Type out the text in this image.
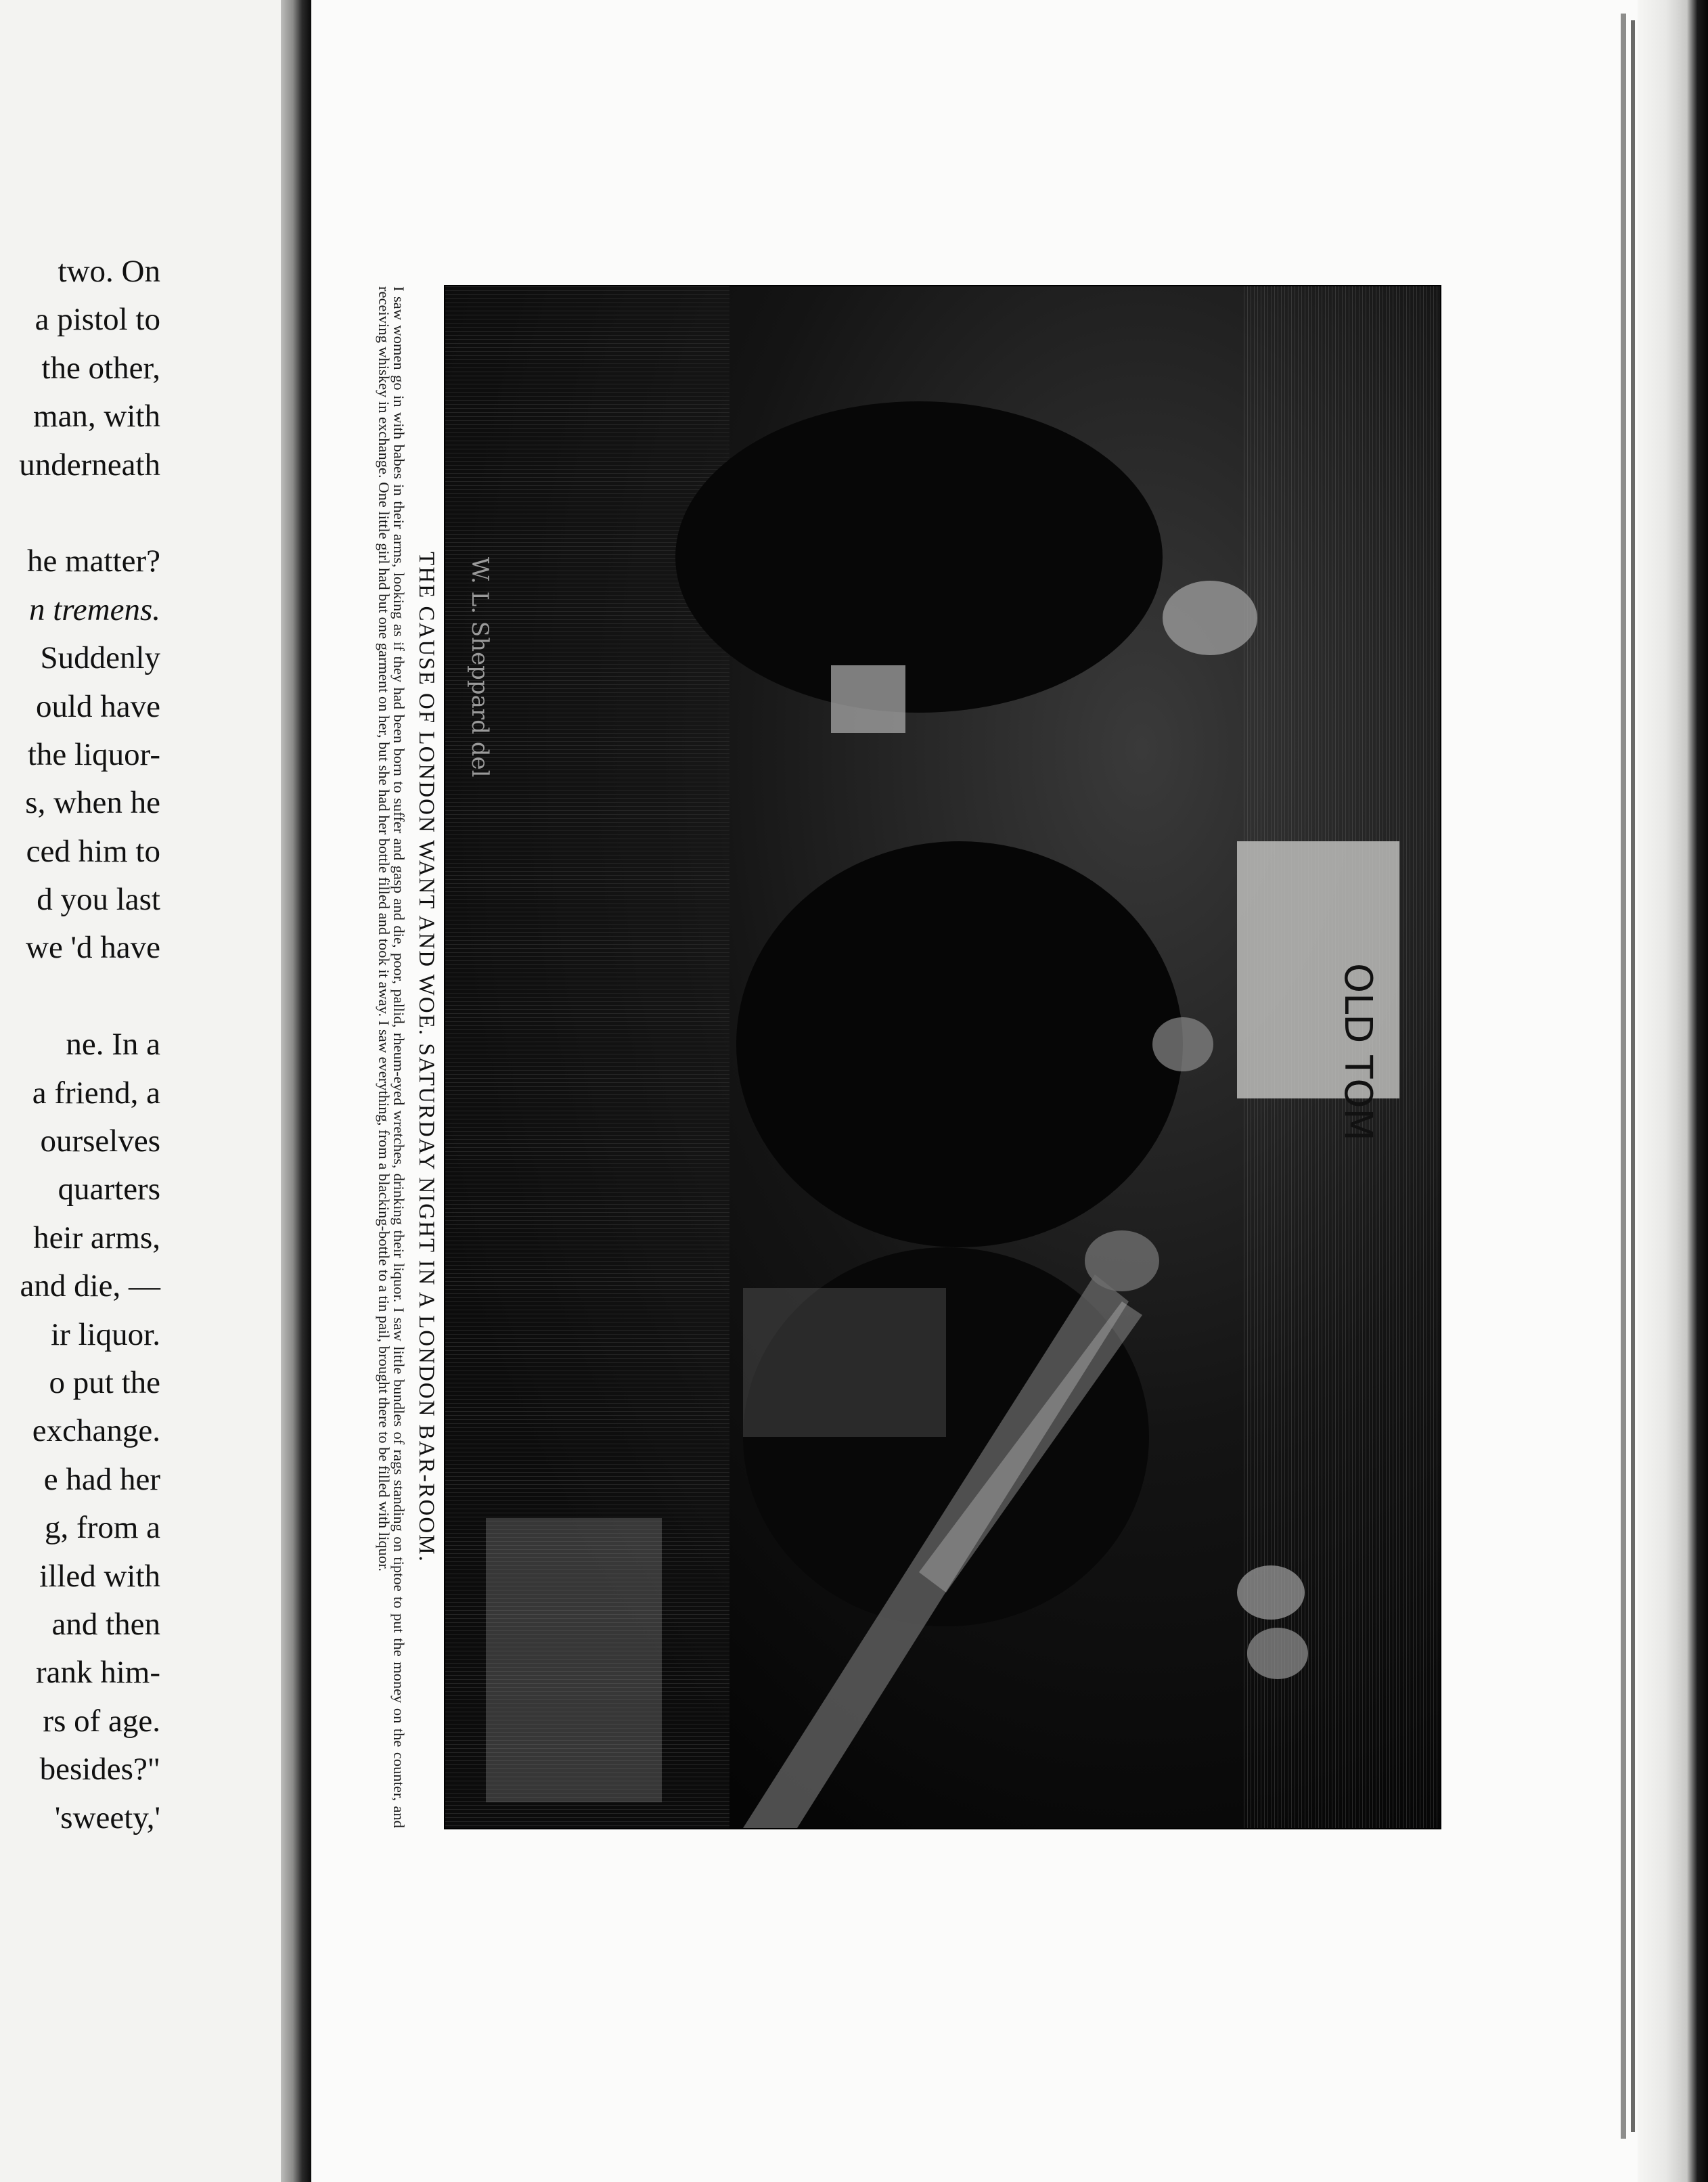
two. On
a pistol to
the other,
man, with
underneath
he matter?
n tremens.
Suddenly
ould have
the liquor-
s, when he
ced him to
d you last
we 'd have
ne. In a
a friend, a
ourselves
quarters
heir arms,
and die, —
ir liquor.
o put the
exchange.
e had her
g, from a
illed with
and then
rank him-
rs of age.
besides?"
'sweety,'
W. L. Sheppard del
OLD TOM
THE CAUSE OF LONDON WANT AND WOE. SATURDAY NIGHT IN A LONDON BAR-ROOM.
I saw women go in with babes in their arms, looking as if they had been born to suffer and gasp and die, poor, pallid, rheum-eyed wretches, drinking their liquor. I saw little bundles of rags standing on tiptoe to put the money on the counter, and receiving whiskey in exchange. One little girl had but one garment on her, but she had her bottle filled and took it away. I saw everything, from a blacking-bottle to a tin pail, brought there to be filled with liquor.
